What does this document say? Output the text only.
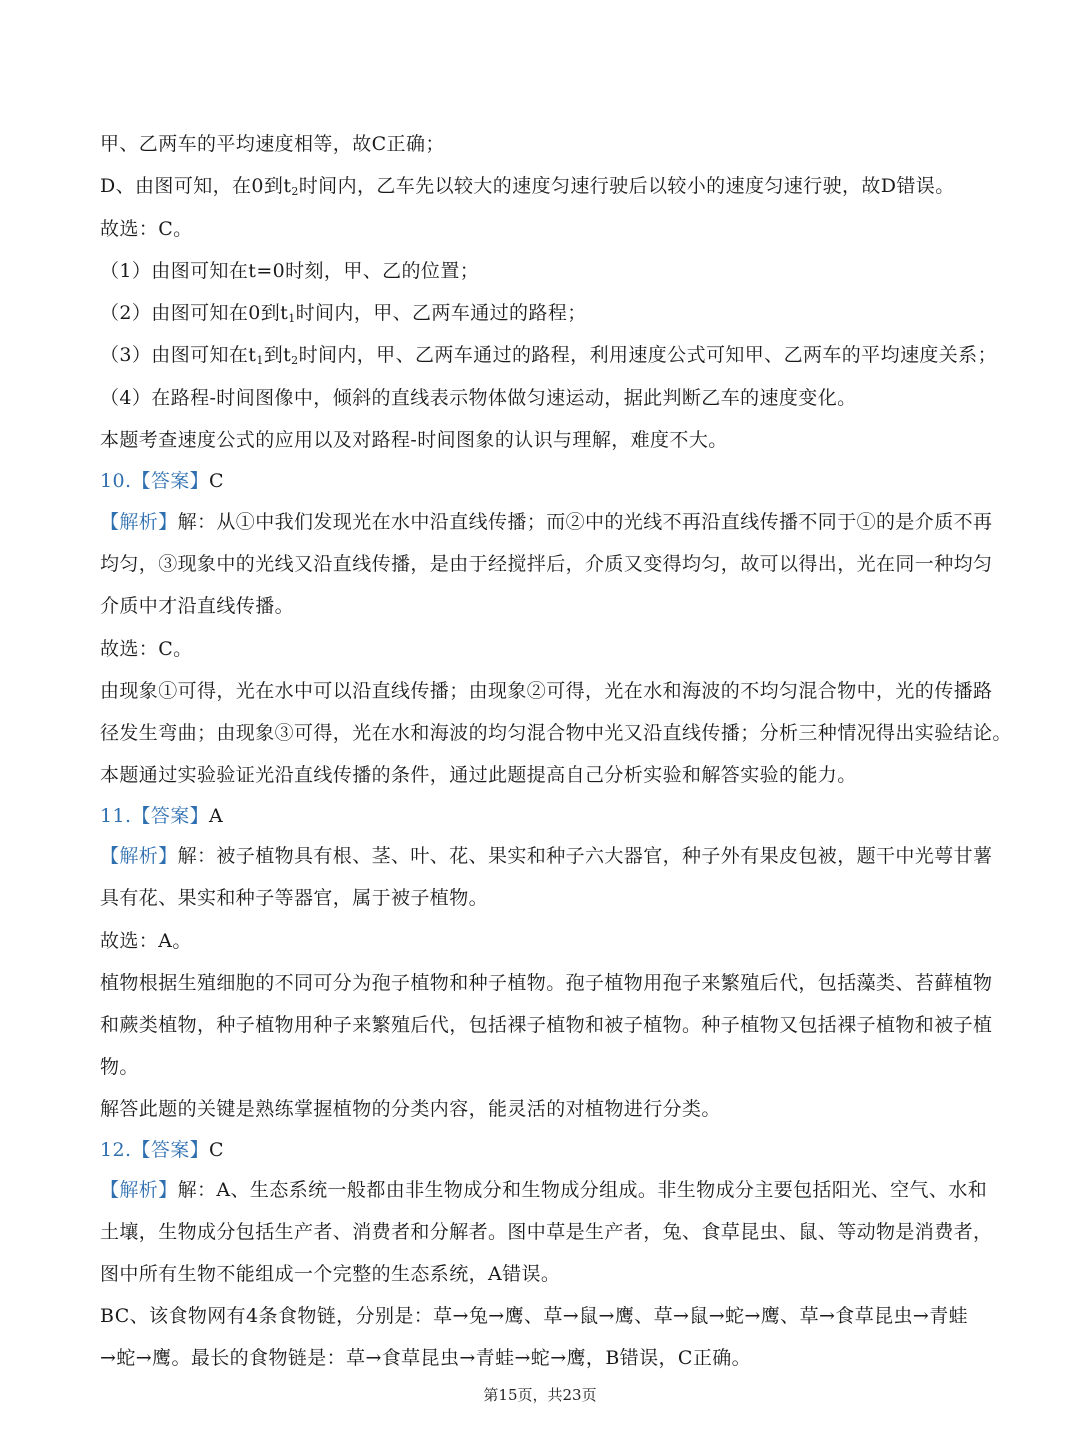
甲、乙两车的平均速度相等，故C正确；
D、由图可知，在0到$t_2$时间内，乙车先以较大的速度匀速行驶后以较小的速度匀速行驶，故D错误。
故选：C。
（1）由图可知在t=0时刻，甲、乙的位置；
（2）由图可知在0到$t_1$时间内，甲、乙两车通过的路程；
（3）由图可知在$t_1$到$t_2$时间内，甲、乙两车通过的路程，利用速度公式可知甲、乙两车的平均速度关系；
（4）在路程-时间图像中，倾斜的直线表示物体做匀速运动，据此判断乙车的速度变化。
本题考查速度公式的应用以及对路程-时间图象的认识与理解，难度不大。
10.【答案】C
【解析】解：从①中我们发现光在水中沿直线传播；而②中的光线不再沿直线传播不同于①的是介质不再
均匀，③现象中的光线又沿直线传播，是由于经搅拌后，介质又变得均匀，故可以得出，光在同一种均匀
介质中才沿直线传播。
故选：C。
由现象①可得，光在水中可以沿直线传播；由现象②可得，光在水和海波的不均匀混合物中，光的传播路
径发生弯曲；由现象③可得，光在水和海波的均匀混合物中光又沿直线传播；分析三种情况得出实验结论。
本题通过实验验证光沿直线传播的条件，通过此题提高自己分析实验和解答实验的能力。
11.【答案】A
【解析】解：被子植物具有根、茎、叶、花、果实和种子六大器官，种子外有果皮包被，题干中光萼甘薯
具有花、果实和种子等器官，属于被子植物。
故选：A。
植物根据生殖细胞的不同可分为孢子植物和种子植物。孢子植物用孢子来繁殖后代，包括藻类、苔藓植物
和蕨类植物，种子植物用种子来繁殖后代，包括裸子植物和被子植物。种子植物又包括裸子植物和被子植
物。
解答此题的关键是熟练掌握植物的分类内容，能灵活的对植物进行分类。
12.【答案】C
【解析】解：A、生态系统一般都由非生物成分和生物成分组成。非生物成分主要包括阳光、空气、水和
土壤，生物成分包括生产者、消费者和分解者。图中草是生产者，兔、食草昆虫、鼠、等动物是消费者，
图中所有生物不能组成一个完整的生态系统，A错误。
BC、该食物网有4条食物链，分别是：草→兔→鹰、草→鼠→鹰、草→鼠→蛇→鹰、草→食草昆虫→青蛙
→蛇→鹰。最长的食物链是：草→食草昆虫→青蛙→蛇→鹰，B错误，C正确。
第15页，共23页
